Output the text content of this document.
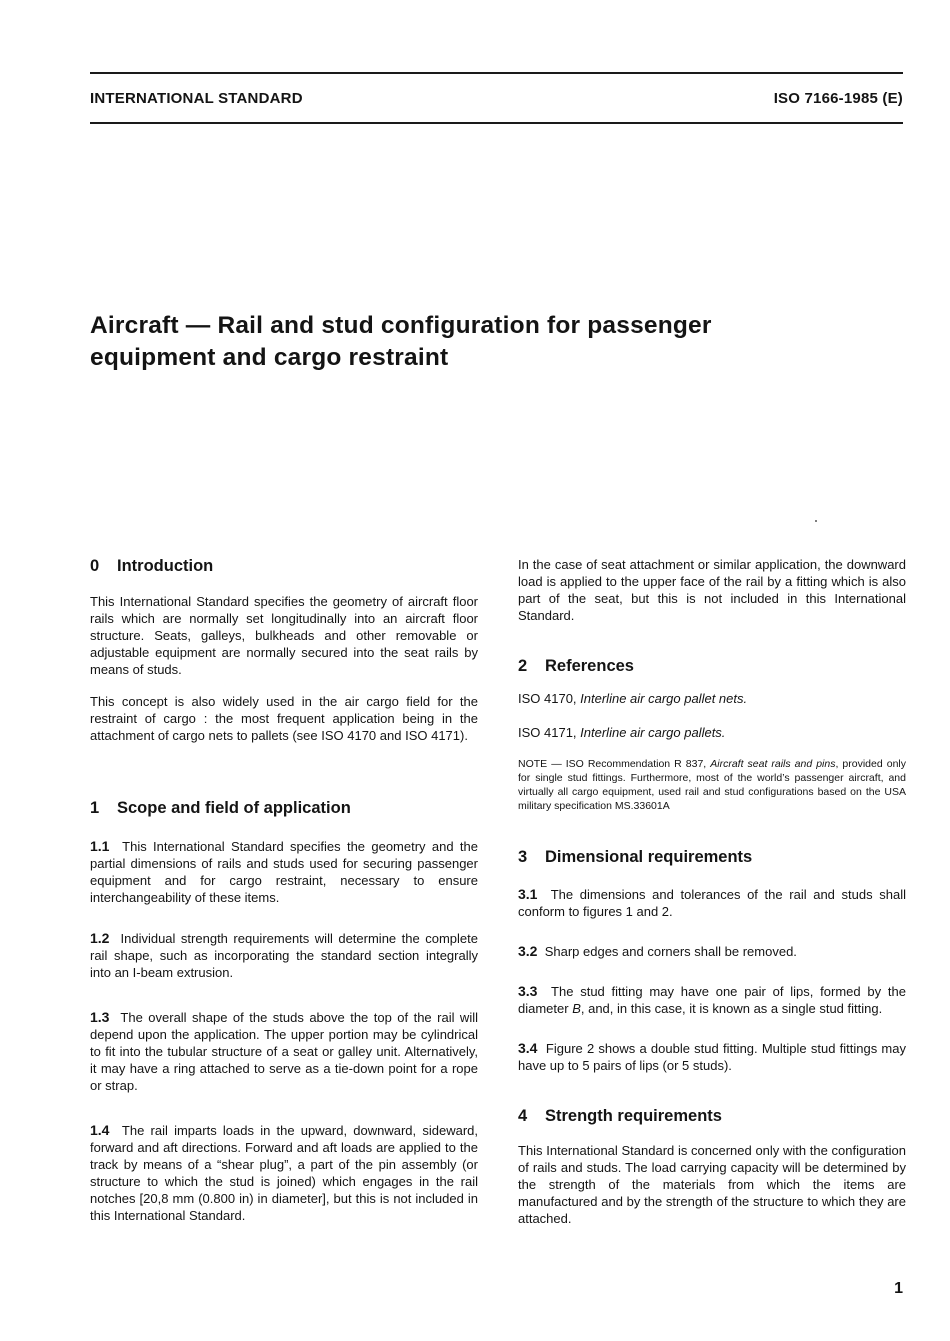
INTERNATIONAL STANDARD	ISO 7166-1985 (E)
Aircraft — Rail and stud configuration for passenger
equipment and cargo restraint
0 Introduction
This International Standard specifies the geometry of aircraft floor rails which are normally set longitudinally into an aircraft floor structure. Seats, galleys, bulkheads and other removable or adjustable equipment are normally secured into the seat rails by means of studs.
This concept is also widely used in the air cargo field for the restraint of cargo : the most frequent application being in the attachment of cargo nets to pallets (see ISO 4170 and ISO 4171).
1 Scope and field of application
1.1 This International Standard specifies the geometry and the partial dimensions of rails and studs used for securing passenger equipment and for cargo restraint, necessary to ensure interchangeability of these items.
1.2 Individual strength requirements will determine the complete rail shape, such as incorporating the standard section integrally into an I-beam extrusion.
1.3 The overall shape of the studs above the top of the rail will depend upon the application. The upper portion may be cylindrical to fit into the tubular structure of a seat or galley unit. Alternatively, it may have a ring attached to serve as a tie-down point for a rope or strap.
1.4 The rail imparts loads in the upward, downward, sideward, forward and aft directions. Forward and aft loads are applied to the track by means of a “shear plug”, a part of the pin assembly (or structure to which the stud is joined) which engages in the rail notches [20,8 mm (0.800 in) in diameter], but this is not included in this International Standard.
In the case of seat attachment or similar application, the downward load is applied to the upper face of the rail by a fitting which is also part of the seat, but this is not included in this International Standard.
2 References
ISO 4170, Interline air cargo pallet nets.
ISO 4171, Interline air cargo pallets.
NOTE — ISO Recommendation R 837, Aircraft seat rails and pins, provided only for single stud fittings. Furthermore, most of the world’s passenger aircraft, and virtually all cargo equipment, used rail and stud configurations based on the USA military specification MS.33601A
3 Dimensional requirements
3.1 The dimensions and tolerances of the rail and studs shall conform to figures 1 and 2.
3.2 Sharp edges and corners shall be removed.
3.3 The stud fitting may have one pair of lips, formed by the diameter B, and, in this case, it is known as a single stud fitting.
3.4 Figure 2 shows a double stud fitting. Multiple stud fittings may have up to 5 pairs of lips (or 5 studs).
4 Strength requirements
This International Standard is concerned only with the configuration of rails and studs. The load carrying capacity will be determined by the strength of the materials from which the items are manufactured and by the strength of the structure to which they are attached.
1
